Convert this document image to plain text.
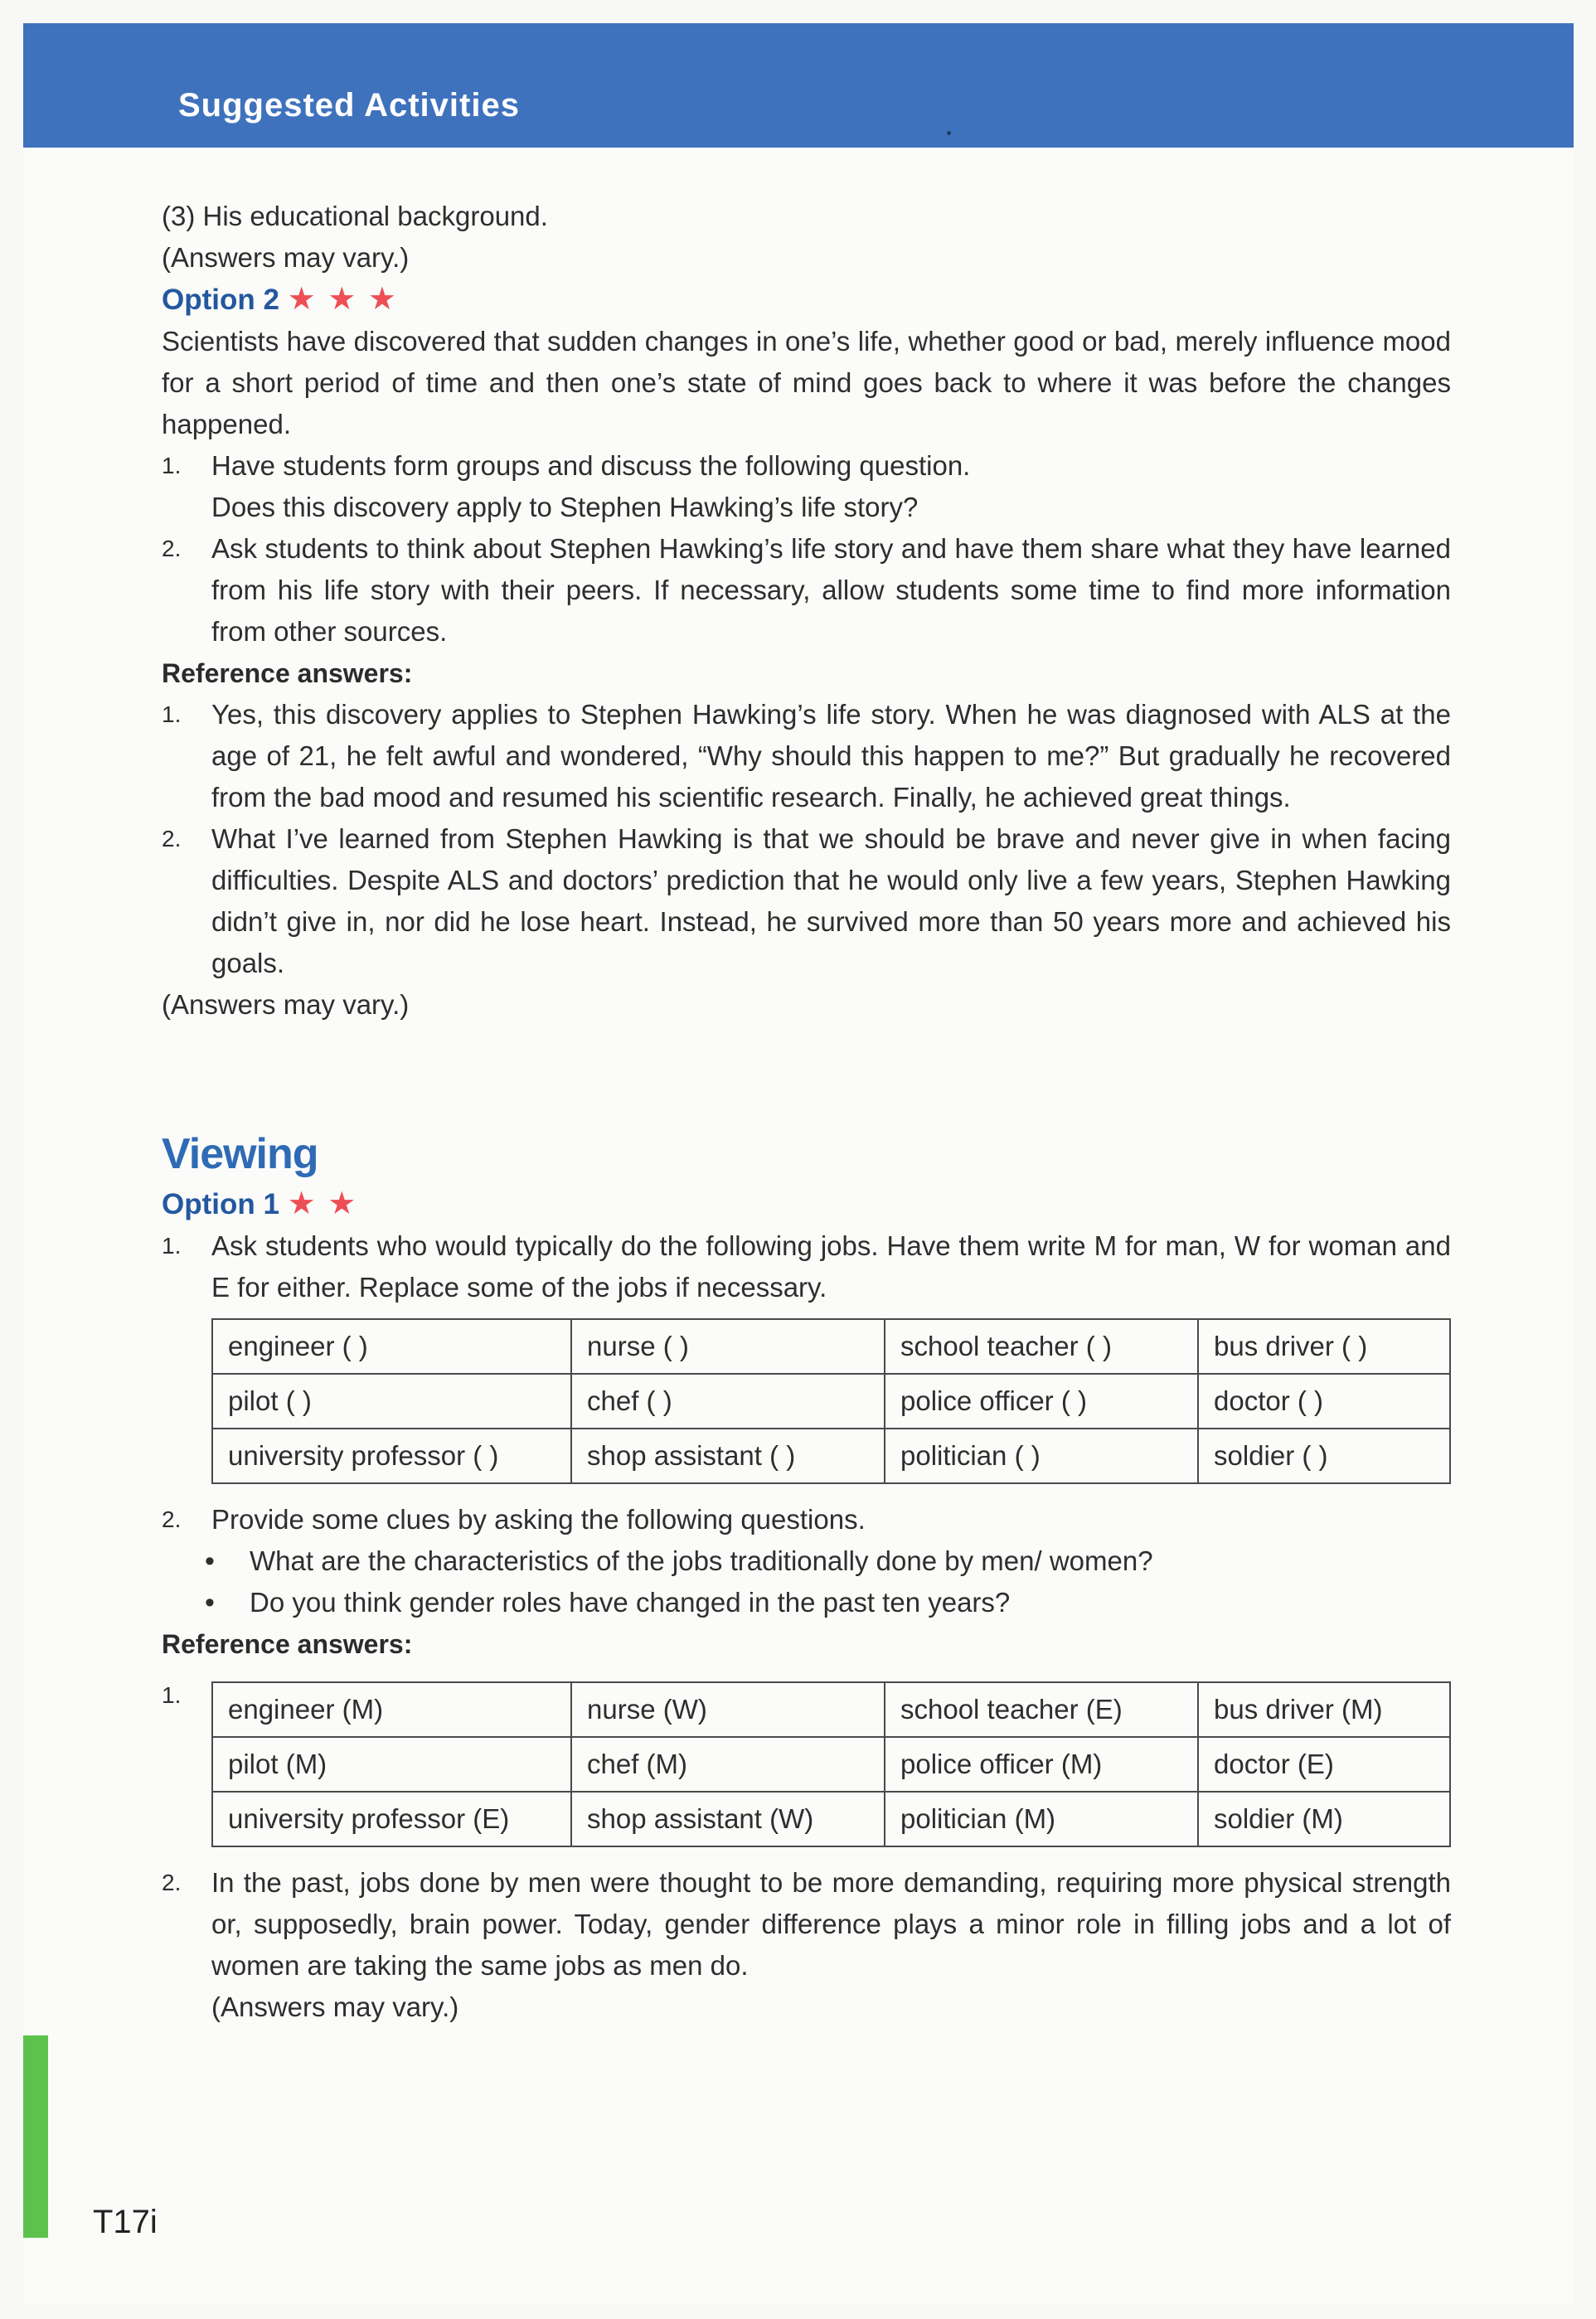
Suggested Activities

(3) His educational background.

(Answers may vary.)

Option 2 ★ ★ ★

Scientists have discovered that sudden changes in one’s life, whether good or bad, merely influence mood for a short period of time and then one’s state of mind goes back to where it was before the changes happened.

1. Have students form groups and discuss the following question.
Does this discovery apply to Stephen Hawking’s life story?
2. Ask students to think about Stephen Hawking’s life story and have them share what they have learned from his life story with their peers. If necessary, allow students some time to find more information from other sources.

Reference answers:

1. Yes, this discovery applies to Stephen Hawking’s life story. When he was diagnosed with ALS at the age of 21, he felt awful and wondered, “Why should this happen to me?” But gradually he recovered from the bad mood and resumed his scientific research. Finally, he achieved great things.
2. What I’ve learned from Stephen Hawking is that we should be brave and never give in when facing difficulties. Despite ALS and doctors’ prediction that he would only live a few years, Stephen Hawking didn’t give in, nor did he lose heart. Instead, he survived more than 50 years more and achieved his goals.

(Answers may vary.)

Viewing

Option 1 ★ ★

1. Ask students who would typically do the following jobs. Have them write M for man, W for woman and E for either. Replace some of the jobs if necessary.
engineer ( )	nurse ( )	school teacher ( )	bus driver ( )
pilot ( )	chef ( )	police officer ( )	doctor ( )
university professor ( )	shop assistant ( )	politician ( )	soldier ( )
2. Provide some clues by asking the following questions.
• What are the characteristics of the jobs traditionally done by men/ women?
• Do you think gender roles have changed in the past ten years?

Reference answers:

1. engineer (M)	nurse (W)	school teacher (E)	bus driver (M)
pilot (M)	chef (M)	police officer (M)	doctor (E)
university professor (E)	shop assistant (W)	politician (M)	soldier (M)
2. In the past, jobs done by men were thought to be more demanding, requiring more physical strength or, supposedly, brain power. Today, gender difference plays a minor role in filling jobs and a lot of women are taking the same jobs as men do.
(Answers may vary.)
T17i
